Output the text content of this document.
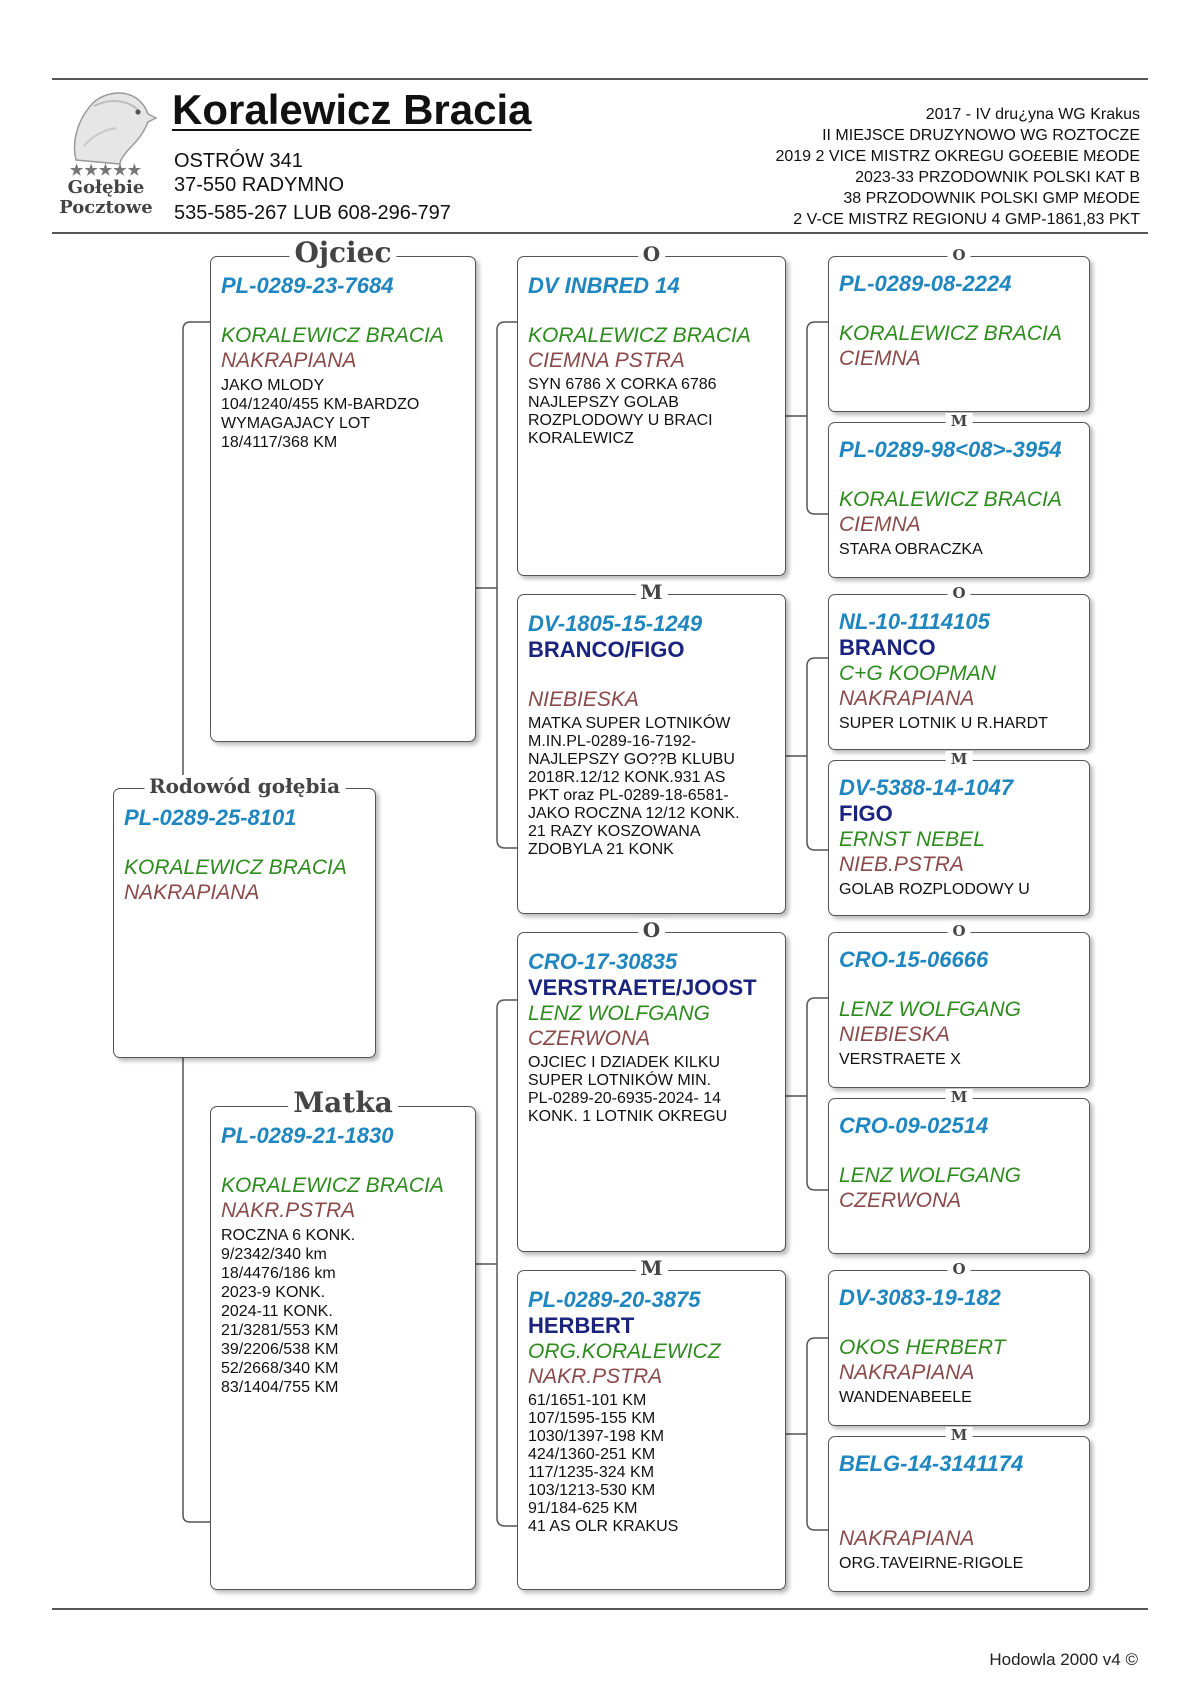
★★★★★
Gołębie
Pocztowe
Koralewicz Bracia
OSTRÓW 341
37-550 RADYMNO
535-585-267 LUB 608-296-797
2017 - IV dru¿yna WG Krakus
II MIEJSCE DRUZYNOWO WG ROZTOCZE
2019 2 VICE MISTRZ OKREGU GO£EBIE M£ODE
2023-33 PRZODOWNIK POLSKI KAT B
38 PRZODOWNIK POLSKI GMP M£ODE
2 V-CE MISTRZ REGIONU 4 GMP-1861,83 PKT
Rodowód gołębia
PL-0289-25-8101
KORALEWICZ BRACIA
NAKRAPIANA
Ojciec
PL-0289-23-7684
KORALEWICZ BRACIA
NAKRAPIANA
JAKO MLODY
104/1240/455 KM-BARDZO
WYMAGAJACY LOT
18/4117/368 KM
Matka
PL-0289-21-1830
KORALEWICZ BRACIA
NAKR.PSTRA
ROCZNA 6 KONK.
9/2342/340 km
18/4476/186 km
2023-9 KONK.
2024-11 KONK.
21/3281/553 KM
39/2206/538 KM
52/2668/340 KM
83/1404/755 KM
O
DV INBRED 14
KORALEWICZ BRACIA
CIEMNA PSTRA
SYN 6786 X CORKA 6786
NAJLEPSZY GOLAB
ROZPLODOWY U BRACI
KORALEWICZ
M
DV-1805-15-1249
BRANCO/FIGO
NIEBIESKA
MATKA SUPER LOTNIKÓW
M.IN.PL-0289-16-7192-
NAJLEPSZY GO??B KLUBU
2018R.12/12 KONK.931 AS
PKT oraz PL-0289-18-6581-
JAKO ROCZNA 12/12 KONK.
21 RAZY KOSZOWANA
ZDOBYLA 21 KONK
O
CRO-17-30835
VERSTRAETE/JOOST
LENZ WOLFGANG
CZERWONA
OJCIEC I DZIADEK KILKU
SUPER LOTNIKÓW MIN.
PL-0289-20-6935-2024- 14
KONK. 1 LOTNIK OKREGU
M
PL-0289-20-3875
HERBERT
ORG.KORALEWICZ
NAKR.PSTRA
61/1651-101 KM
107/1595-155 KM
1030/1397-198 KM
424/1360-251 KM
117/1235-324 KM
103/1213-530 KM
91/184-625 KM
41 AS OLR KRAKUS
O
PL-0289-08-2224
KORALEWICZ BRACIA
CIEMNA
M
PL-0289-98<08>-3954
KORALEWICZ BRACIA
CIEMNA
STARA OBRACZKA
O
NL-10-1114105
BRANCO
C+G KOOPMAN
NAKRAPIANA
SUPER LOTNIK U R.HARDT
M
DV-5388-14-1047
FIGO
ERNST NEBEL
NIEB.PSTRA
GOLAB ROZPLODOWY U
O
CRO-15-06666
LENZ WOLFGANG
NIEBIESKA
VERSTRAETE X
M
CRO-09-02514
LENZ WOLFGANG
CZERWONA
O
DV-3083-19-182
OKOS HERBERT
NAKRAPIANA
WANDENABEELE
M
BELG-14-3141174
NAKRAPIANA
ORG.TAVEIRNE-RIGOLE
Hodowla 2000 v4 ©
